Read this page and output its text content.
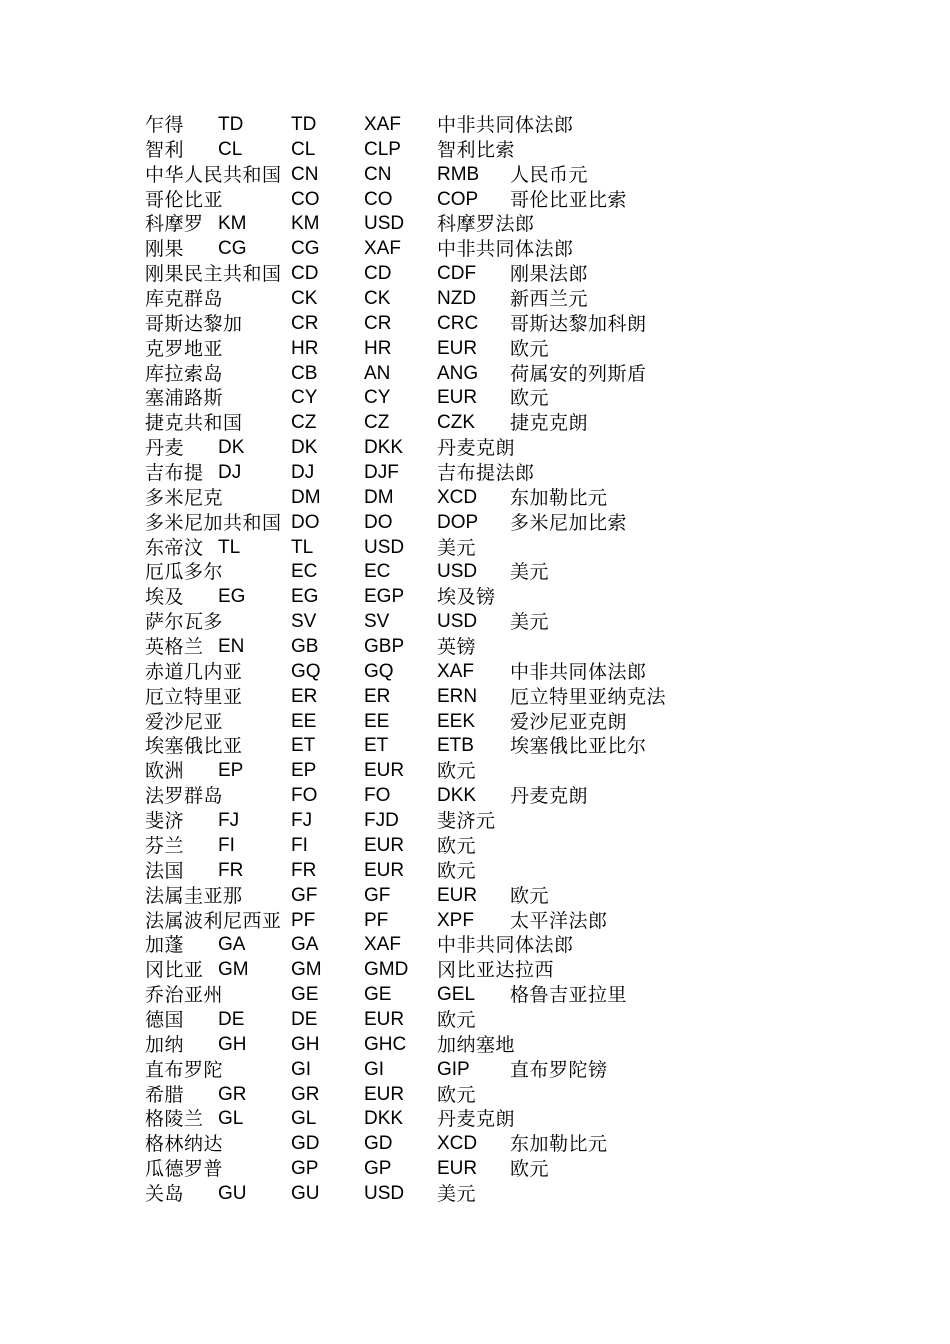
乍得 TD	TD	XAF 中非共同体法郎
智利 CL	CL	CLP 智利比索
中华人民共和国 CN CN RMB 人民币元
哥伦比亚	CO CO COP 哥伦比亚比索
科摩罗 KM KM USD 科摩罗法郎
刚果 CG CG XAF 中非共同体法郎
刚果民主共和国 CD CD CDF 刚果法郎
库克群岛	CK CK NZD 新西兰元
哥斯达黎加	CR CR CRC 哥斯达黎加科朗
克罗地亚	HR HR EUR 欧元
库拉索岛	CB AN ANG 荷属安的列斯盾
塞浦路斯	CY CY EUR 欧元
捷克共和国	CZ	CZ	CZK 捷克克朗
丹麦 DK DK DKK 丹麦克朗
吉布提 DJ	DJ	DJF 吉布提法郎
多米尼克	DM DM XCD 东加勒比元
多米尼加共和国 DO DO DOP 多米尼加比索
东帝汶 TL	TL	USD 美元
厄瓜多尔	EC EC USD 美元
埃及 EG EG EGP 埃及镑
萨尔瓦多	SV	SV	USD 美元
英格兰 EN GB GBP 英镑
赤道几内亚	GQ GQ XAF 中非共同体法郎
厄立特里亚	ER ER ERN 厄立特里亚纳克法
爱沙尼亚	EE	EE	EEK 爱沙尼亚克朗
埃塞俄比亚	ET	ET	ETB 埃塞俄比亚比尔
欧洲 EP	EP	EUR 欧元
法罗群岛	FO FO DKK 丹麦克朗
斐济 FJ	FJ	FJD 斐济元
芬兰 FI	FI	EUR 欧元
法国 FR	FR	EUR 欧元
法属圭亚那	GF GF EUR 欧元
法属波利尼西亚 PF	PF	XPF 太平洋法郎
加蓬 GA GA XAF 中非共同体法郎
冈比亚 GM GM GMD 冈比亚达拉西
乔治亚州	GE GE GEL 格鲁吉亚拉里
德国 DE DE EUR 欧元
加纳 GH GH GHC 加纳塞地
直布罗陀	GI	GI	GIP 直布罗陀镑
希腊 GR GR EUR 欧元
格陵兰 GL	GL	DKK 丹麦克朗
格林纳达	GD GD XCD 东加勒比元
瓜德罗普	GP GP EUR 欧元
关岛 GU GU USD 美元
